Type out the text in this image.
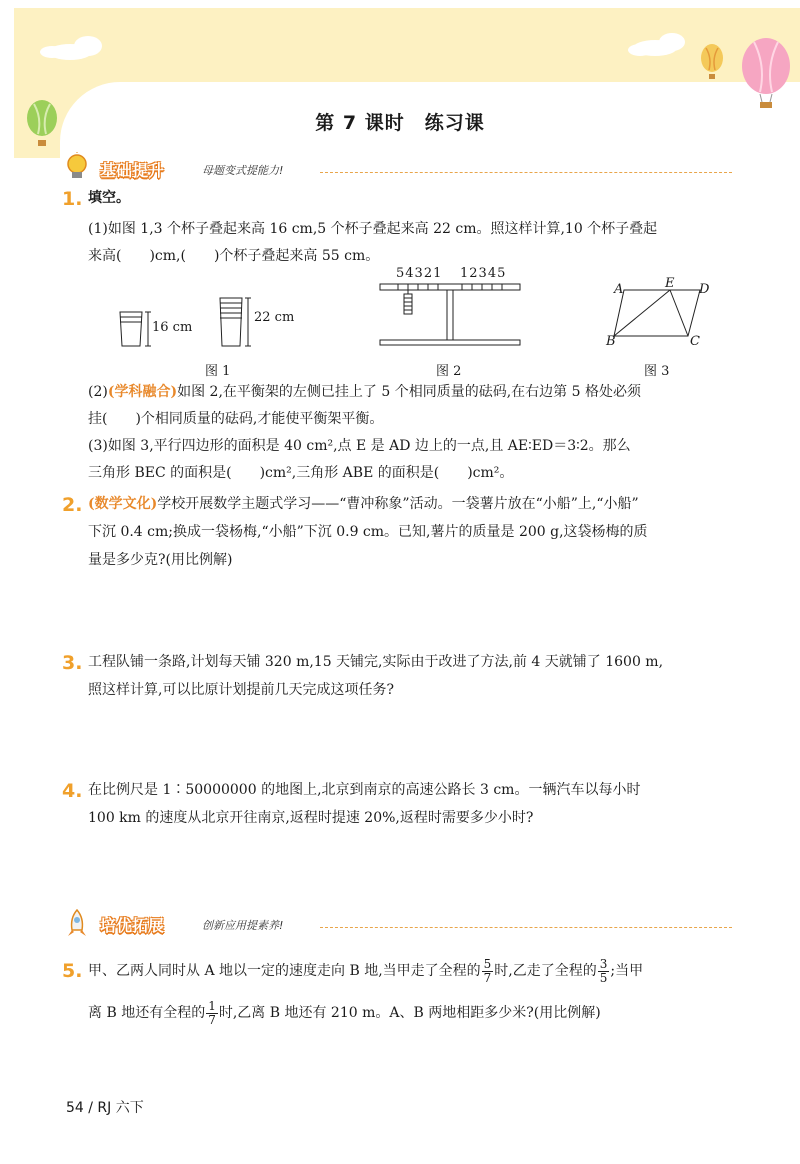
第 7 课时　练习课
基础提升	母题变式提能力!
1. 填空。
(1)如图 1,3 个杯子叠起来高 16 cm,5 个杯子叠起来高 22 cm。照这样计算,10 个杯子叠起
来高(　　)cm,(　　)个杯子叠起来高 55 cm。
16 cm
22 cm
图 1
54321 12345
图 2
A	E D
B	C
图 3
(2)(学科融合)如图 2,在平衡架的左侧已挂上了 5 个相同质量的砝码,在右边第 5 格处必须
挂(　　)个相同质量的砝码,才能使平衡架平衡。
(3)如图 3,平行四边形的面积是 40 cm²,点 E 是 AD 边上的一点,且 AE∶ED＝3∶2。那么
三角形 BEC 的面积是(　　)cm²,三角形 ABE 的面积是(　　)cm²。
2. (数学文化)学校开展数学主题式学习——“曹冲称象”活动。一袋薯片放在“小船”上,“小船”
下沉 0.4 cm;换成一袋杨梅,“小船”下沉 0.9 cm。已知,薯片的质量是 200 g,这袋杨梅的质
量是多少克?(用比例解)
3. 工程队铺一条路,计划每天铺 320 m,15 天铺完,实际由于改进了方法,前 4 天就铺了 1600 m,
照这样计算,可以比原计划提前几天完成这项任务?
4. 在比例尺是 1∶50000000 的地图上,北京到南京的高速公路长 3 cm。一辆汽车以每小时
100 km 的速度从北京开往南京,返程时提速 20%,返程时需要多少小时?
培优拓展	创新应用提素养!
5. 甲、乙两人同时从 A 地以一定的速度走向 B 地,当甲走了全程的 $\frac{5}{7}$ 时,乙走了全程的 $\frac{3}{5}$ ;当甲
离 B 地还有全程的 $\frac{1}{7}$ 时,乙离 B 地还有 210 m。A、B 两地相距多少米?(用比例解)
54 / RJ 六下
